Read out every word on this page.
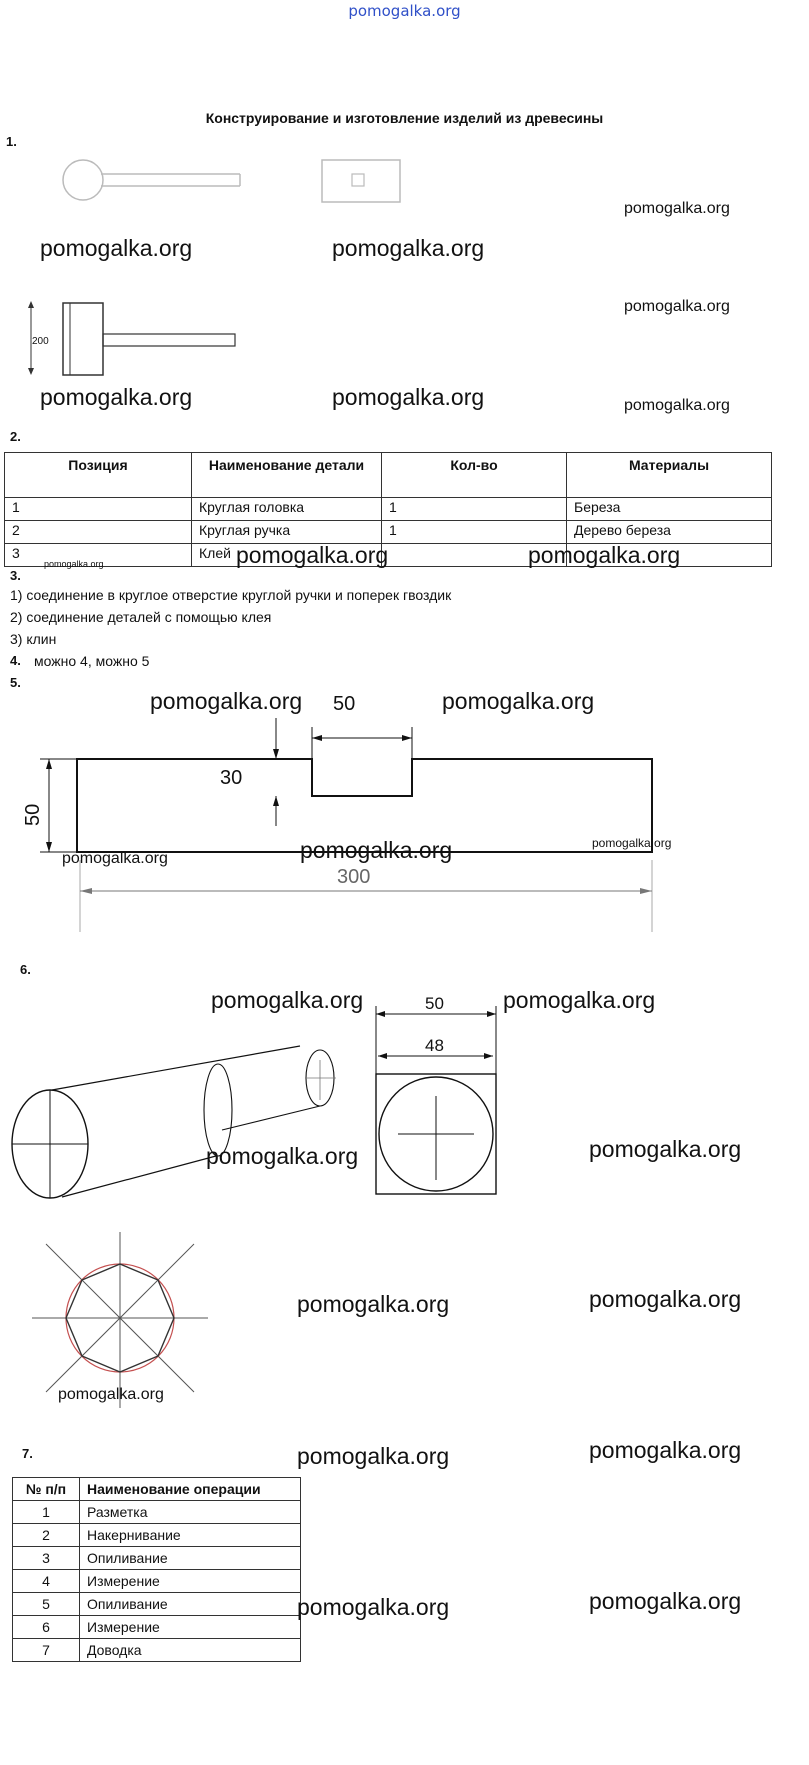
pomogalka.org
Конструирование и изготовление изделий из древесины
1.
200
pomogalka.org	pomogalka.org
pomogalka.org
pomogalka.org
pomogalka.org	pomogalka.org	pomogalka.org
2.
Позиция	Наименование детали	Кол-во	Материалы
1	Круглая головка	1	Береза
2	Круглая ручка	1	Дерево береза
3	Клей		
pomogalka.org	pomogalka.org	pomogalka.org
3.
1) соединение в круглое отверстие круглой ручки и поперек гвоздик
2) соединение деталей с помощью клея
3) клин
4. можно 4, можно 5
5.
50
30
50
300
pomogalka.org	pomogalka.org
pomogalka.org	pomogalka.org	pomogalka.org
6.
50
48
pomogalka.org	pomogalka.org
pomogalka.org	pomogalka.org
pomogalka.org	pomogalka.org
pomogalka.org
7.
№ п/п	Наименование операции
1	Разметка
2	Накернивание
3	Опиливание
4	Измерение
5	Опиливание
6	Измерение
7	Доводка
pomogalka.org	pomogalka.org
pomogalka.org	pomogalka.org
